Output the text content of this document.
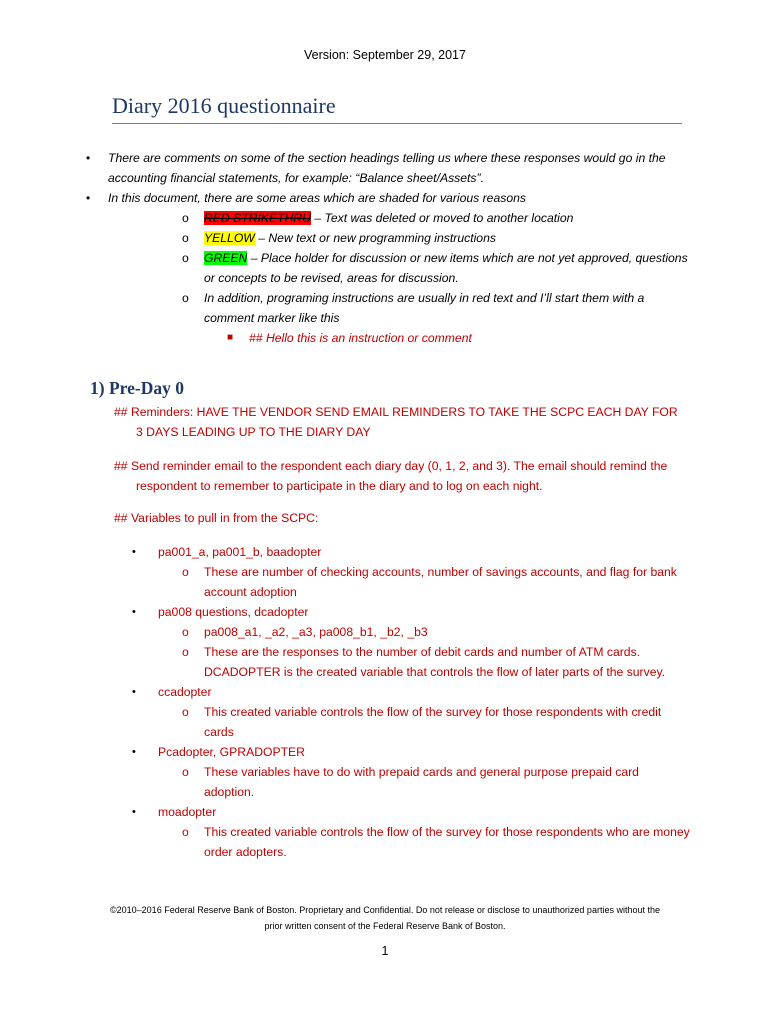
Version: September 29, 2017
Diary 2016 questionnaire
• There are comments on some of the section headings telling us where these responses would go in the accounting financial statements, for example: “Balance sheet/Assets”.
• In this document, there are some areas which are shaded for various reasons
o RED STRIKETHRU – Text was deleted or moved to another location
o YELLOW – New text or new programming instructions
o GREEN – Place holder for discussion or new items which are not yet approved, questions or concepts to be revised, areas for discussion.
o In addition, programing instructions are usually in red text and I’ll start them with a comment marker like this
■ ## Hello this is an instruction or comment
1) Pre-Day 0
## Reminders: HAVE THE VENDOR SEND EMAIL REMINDERS TO TAKE THE SCPC EACH DAY FOR 3 DAYS LEADING UP TO THE DIARY DAY
## Send reminder email to the respondent each diary day (0, 1, 2, and 3). The email should remind the respondent to remember to participate in the diary and to log on each night.
## Variables to pull in from the SCPC:
• pa001_a, pa001_b, baadopter
o These are number of checking accounts, number of savings accounts, and flag for bank account adoption
• pa008 questions, dcadopter
o pa008_a1, _a2, _a3, pa008_b1, _b2, _b3
o These are the responses to the number of debit cards and number of ATM cards. DCADOPTER is the created variable that controls the flow of later parts of the survey.
• ccadopter
o This created variable controls the flow of the survey for those respondents with credit cards
• Pcadopter, GPRADOPTER
o These variables have to do with prepaid cards and general purpose prepaid card adoption.
• moadopter
o This created variable controls the flow of the survey for those respondents who are money order adopters.
©2010–2016 Federal Reserve Bank of Boston. Proprietary and Confidential. Do not release or disclose to unauthorized parties without the
prior written consent of the Federal Reserve Bank of Boston.
1
